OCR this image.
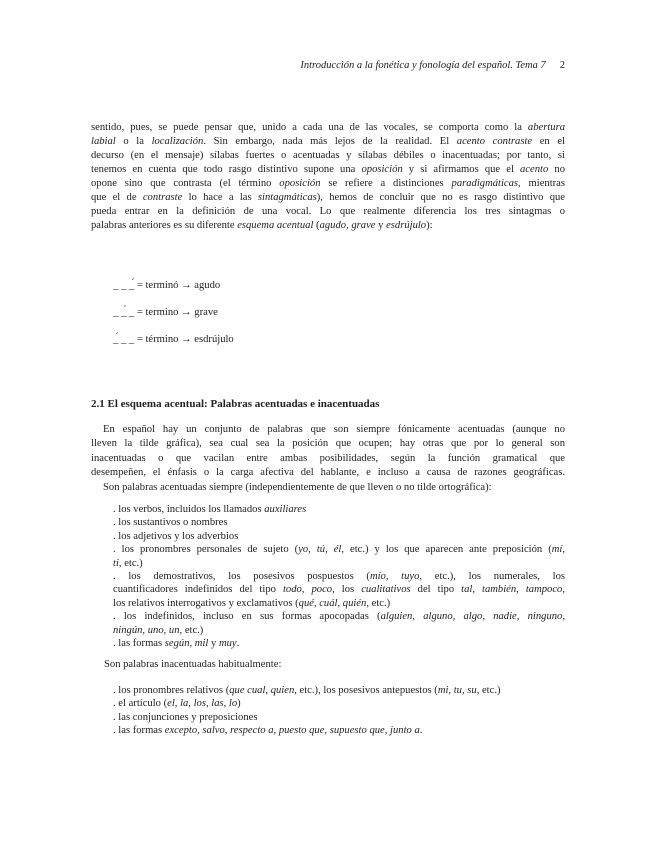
Introducción a la fonética y fonología del español. Tema 7 2
sentido, pues, se puede pensar que, unido a cada una de las vocales, se comporta como la abertura
labial o la localización. Sin embargo, nada más lejos de la realidad. El acento contraste en el
decurso (en el mensaje) sílabas fuertes o acentuadas y sílabas débiles o inacentuadas; por tanto, si
tenemos en cuenta que todo rasgo distintivo supone una oposición y si afirmamos que el acento no
opone sino que contrasta (el término oposición se refiere a distinciones paradigmáticas, mientras
que el de contraste lo hace a las sintagmáticas), hemos de concluir que no es rasgo distintivo que
pueda entrar en la definición de una vocal. Lo que realmente diferencia los tres sintagmas o
palabras anteriores es su diferente esquema acentual (agudo, grave y esdrújulo):
_ _ _́ = terminó → agudo
_ _́ _ = termino → grave
_́ _ _ = término → esdrújulo
2.1 El esquema acentual: Palabras acentuadas e inacentuadas
En español hay un conjunto de palabras que son siempre fónicamente acentuadas (aunque no
lleven la tilde gráfica), sea cual sea la posición que ocupen; hay otras que por lo general son
inacentuadas o que vacilan entre ambas posibilidades, según la función gramatical que
desempeñen, el énfasis o la carga afectiva del hablante, e incluso a causa de razones geográficas.
Son palabras acentuadas siempre (independientemente de que lleven o no tilde ortográfica):
. los verbos, incluidos los llamados auxiliares
. los sustantivos o nombres
. los adjetivos y los adverbios
. los pronombres personales de sujeto (yo, tú, él, etc.) y los que aparecen ante preposición (mí,
ti, etc.)
. los demostrativos, los posesivos pospuestos (mío, tuyo, etc.), los numerales, los
cuantificadores indefinidos del tipo todo, poco, los cualitativos del tipo tal, también, tampoco,
los relativos interrogativos y exclamativos (qué, cuál, quién, etc.)
. los indefinidos, incluso en sus formas apocopadas (alguien, alguno, algo, nadie, ninguno,
ningún, uno, un, etc.)
. las formas según, mil y muy.
Son palabras inacentuadas habitualmente:
. los pronombres relativos (que cual, quien, etc.), los posesivos antepuestos (mi, tu, su, etc.)
. el artículo (el, la, los, las, lo)
. las conjunciones y preposiciones
. las formas excepto, salvo, respecto a, puesto que, supuesto que, junto a.
